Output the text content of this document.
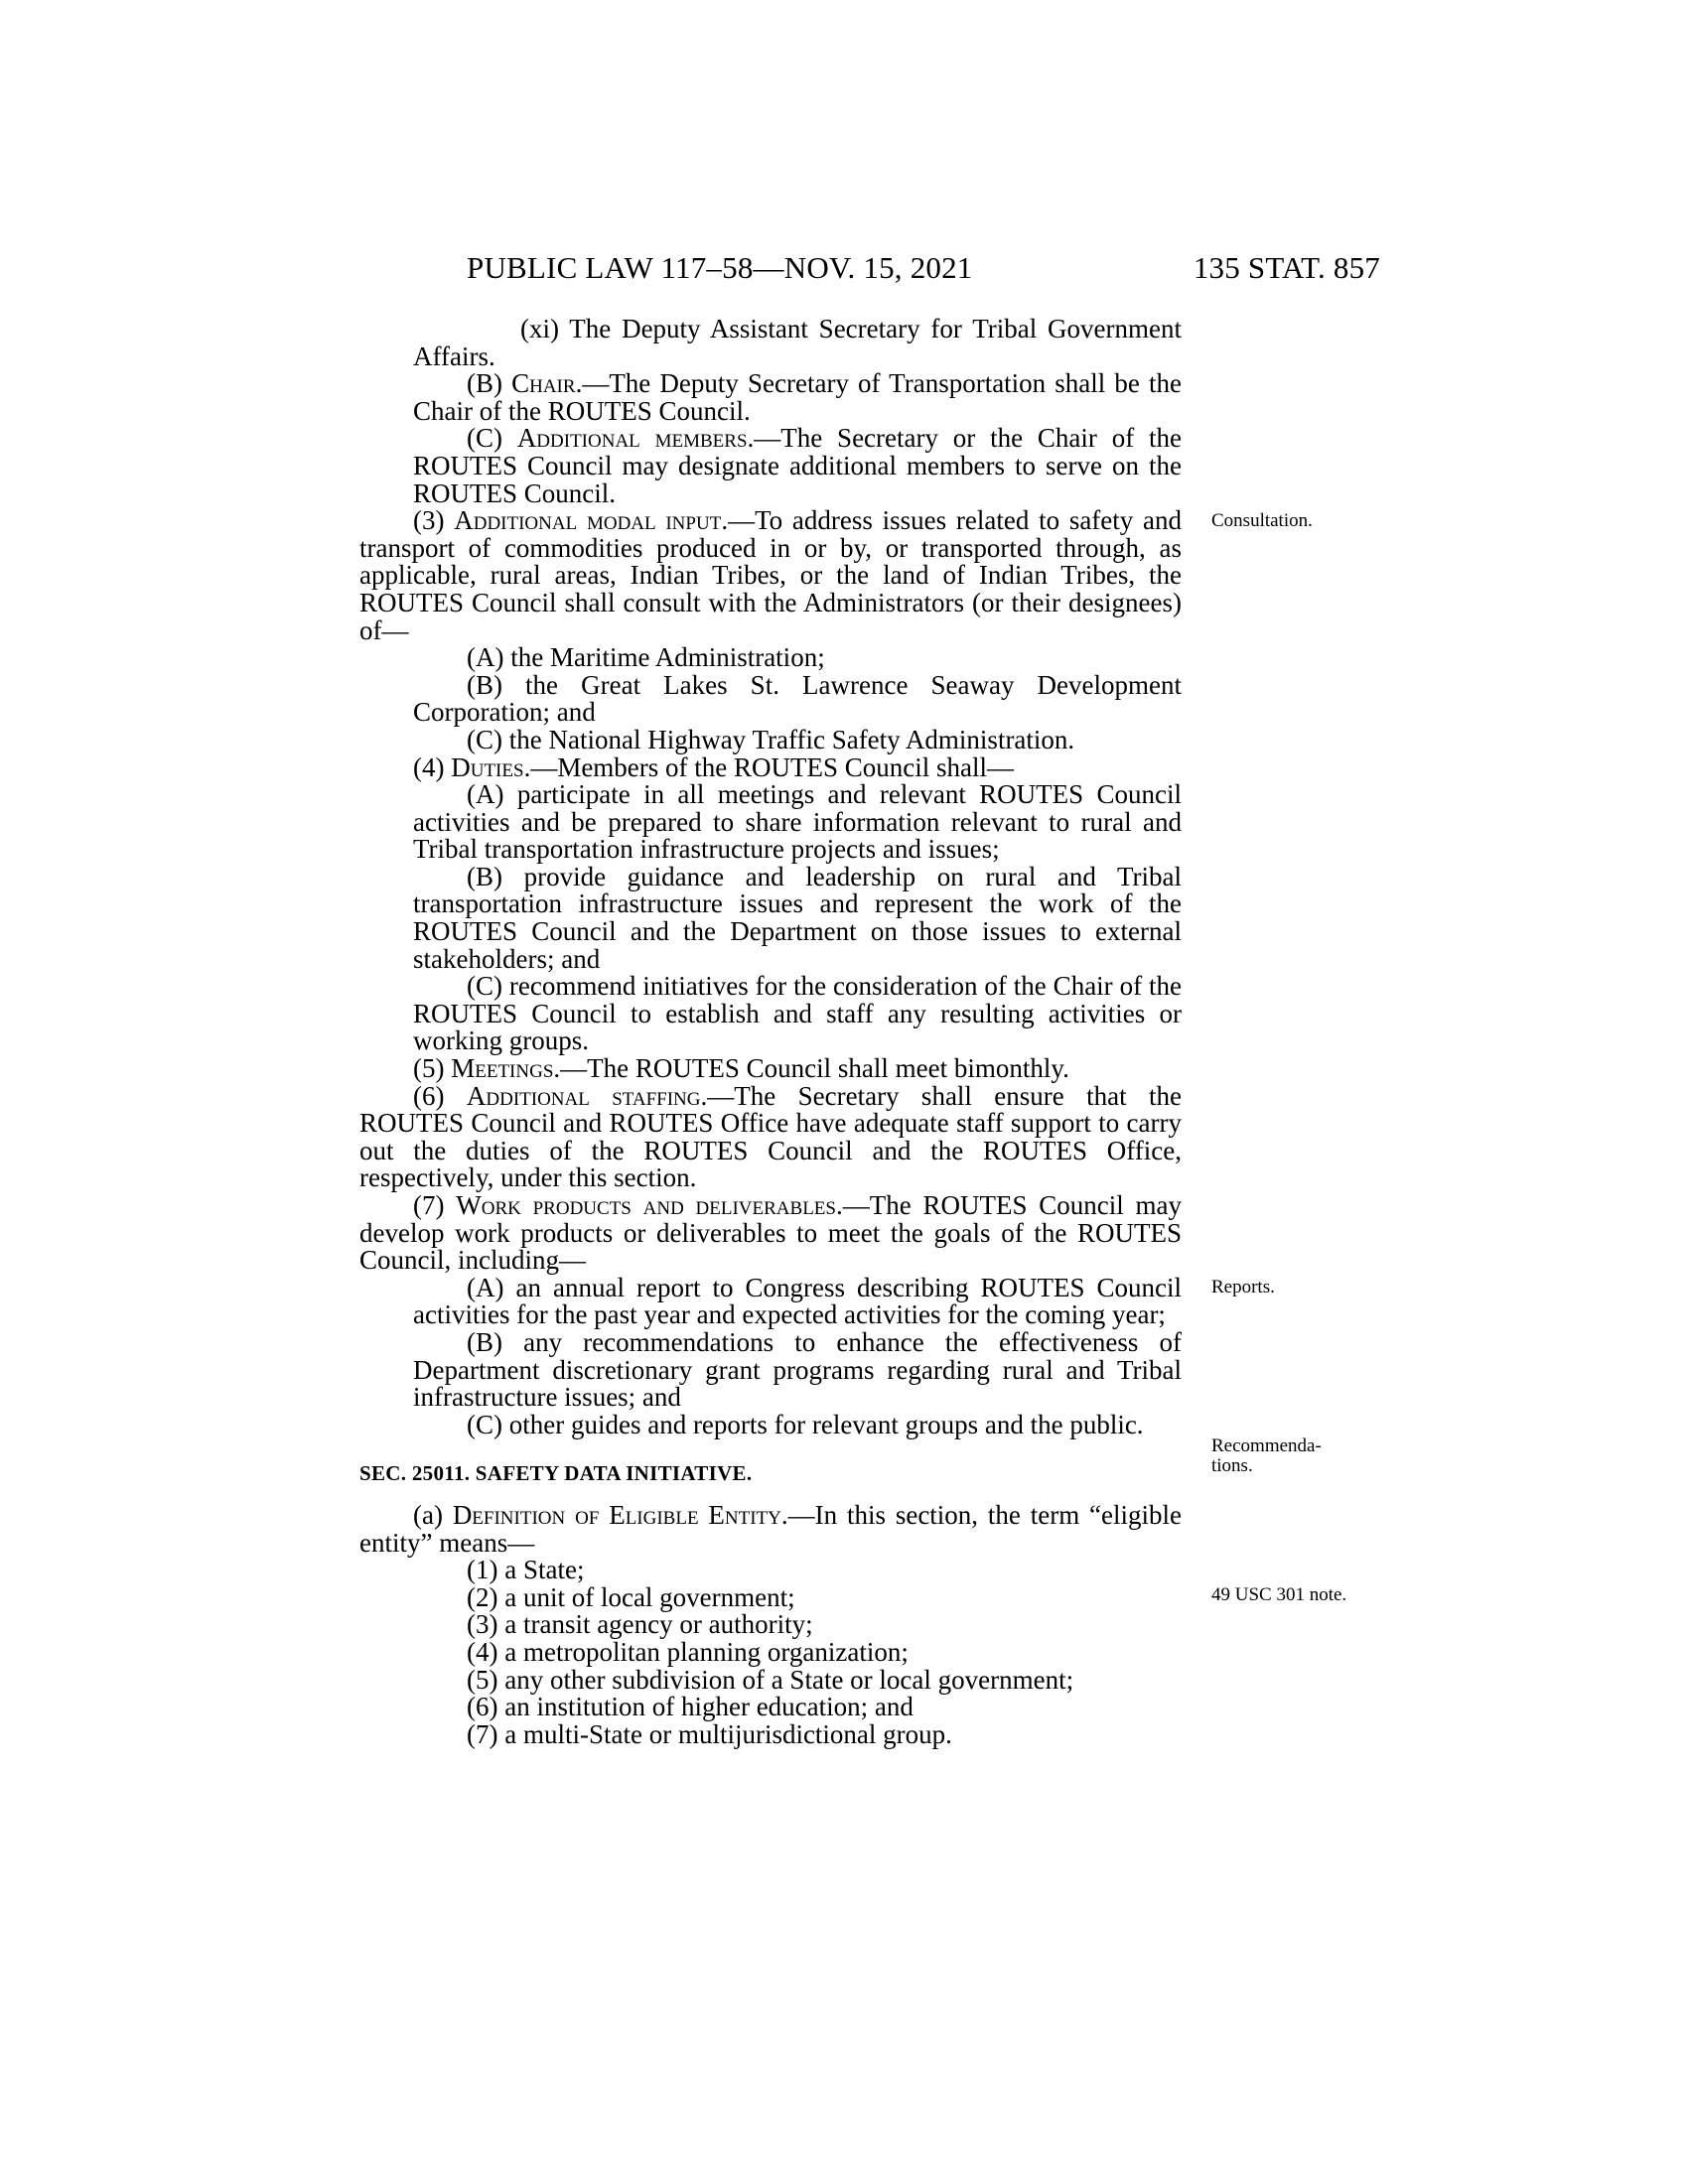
PUBLIC LAW 117–58—NOV. 15, 2021	135 STAT. 857

(xi) The Deputy Assistant Secretary for Tribal Government Affairs.

(B) Chair.—The Deputy Secretary of Transportation shall be the Chair of the ROUTES Council.

(C) Additional members.—The Secretary or the Chair of the ROUTES Council may designate additional members to serve on the ROUTES Council.

(3) Additional modal input.—To address issues related to safety and transport of commodities produced in or by, or transported through, as applicable, rural areas, Indian Tribes, or the land of Indian Tribes, the ROUTES Council shall consult with the Administrators (or their designees) of—

(A) the Maritime Administration;

(B) the Great Lakes St. Lawrence Seaway Development Corporation; and

(C) the National Highway Traffic Safety Administration.

(4) Duties.—Members of the ROUTES Council shall—

(A) participate in all meetings and relevant ROUTES Council activities and be prepared to share information relevant to rural and Tribal transportation infrastructure projects and issues;

(B) provide guidance and leadership on rural and Tribal transportation infrastructure issues and represent the work of the ROUTES Council and the Department on those issues to external stakeholders; and

(C) recommend initiatives for the consideration of the Chair of the ROUTES Council to establish and staff any resulting activities or working groups.

(5) Meetings.—The ROUTES Council shall meet bimonthly.

(6) Additional staffing.—The Secretary shall ensure that the ROUTES Council and ROUTES Office have adequate staff support to carry out the duties of the ROUTES Council and the ROUTES Office, respectively, under this section.

(7) Work products and deliverables.—The ROUTES Council may develop work products or deliverables to meet the goals of the ROUTES Council, including—

(A) an annual report to Congress describing ROUTES Council activities for the past year and expected activities for the coming year;

(B) any recommendations to enhance the effectiveness of Department discretionary grant programs regarding rural and Tribal infrastructure issues; and

(C) other guides and reports for relevant groups and the public.

SEC. 25011. SAFETY DATA INITIATIVE.

(a) Definition of Eligible Entity.—In this section, the term “eligible entity” means—

(1) a State;

(2) a unit of local government;

(3) a transit agency or authority;

(4) a metropolitan planning organization;

(5) any other subdivision of a State or local government;

(6) an institution of higher education; and

(7) a multi-State or multijurisdictional group.

Consultation.
Reports.
Recommenda-
tions.
49 USC 301 note.
